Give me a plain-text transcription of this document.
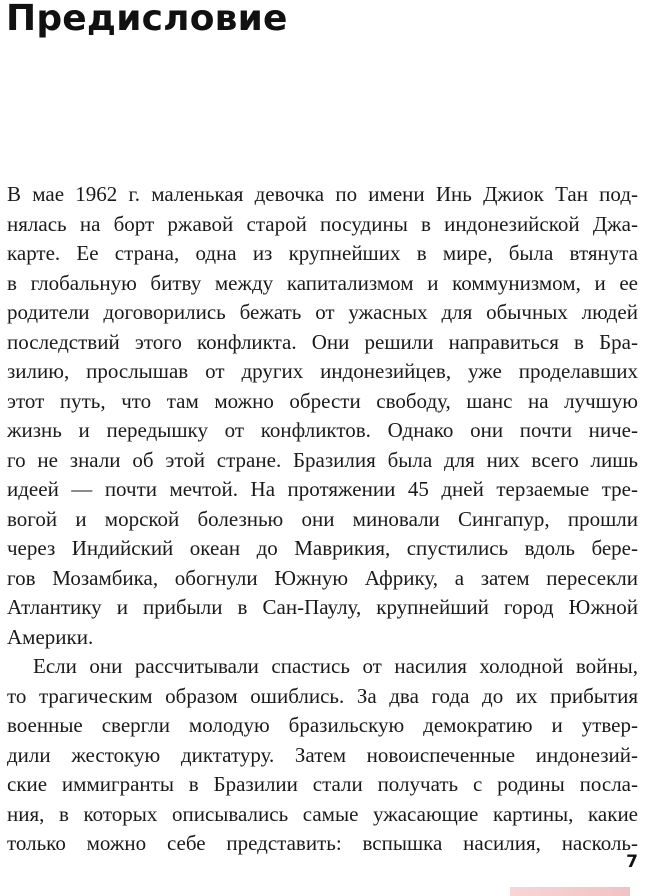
Предисловие
В мае 1962 г. маленькая девочка по имени Инь Джиок Тан под-
нялась на борт ржавой старой посудины в индонезийской Джа-
карте. Ее страна, одна из крупнейших в мире, была втянута
в глобальную битву между капитализмом и коммунизмом, и ее
родители договорились бежать от ужасных для обычных людей
последствий этого конфликта. Они решили направиться в Бра-
зилию, прослышав от других индонезийцев, уже проделавших
этот путь, что там можно обрести свободу, шанс на лучшую
жизнь и передышку от конфликтов. Однако они почти ниче-
го не знали об этой стране. Бразилия была для них всего лишь
идеей — почти мечтой. На протяжении 45 дней терзаемые тре-
вогой и морской болезнью они миновали Сингапур, прошли
через Индийский океан до Маврикия, спустились вдоль бере-
гов Мозамбика, обогнули Южную Африку, а затем пересекли
Атлантику и прибыли в Сан-Паулу, крупнейший город Южной
Америки.
Если они рассчитывали спастись от насилия холодной войны,
то трагическим образом ошиблись. За два года до их прибытия
военные свергли молодую бразильскую демократию и утвер-
дили жестокую диктатуру. Затем новоиспеченные индонезий-
ские иммигранты в Бразилии стали получать с родины посла-
ния, в которых описывались самые ужасающие картины, какие
только можно себе представить: вспышка насилия, насколь-
7
